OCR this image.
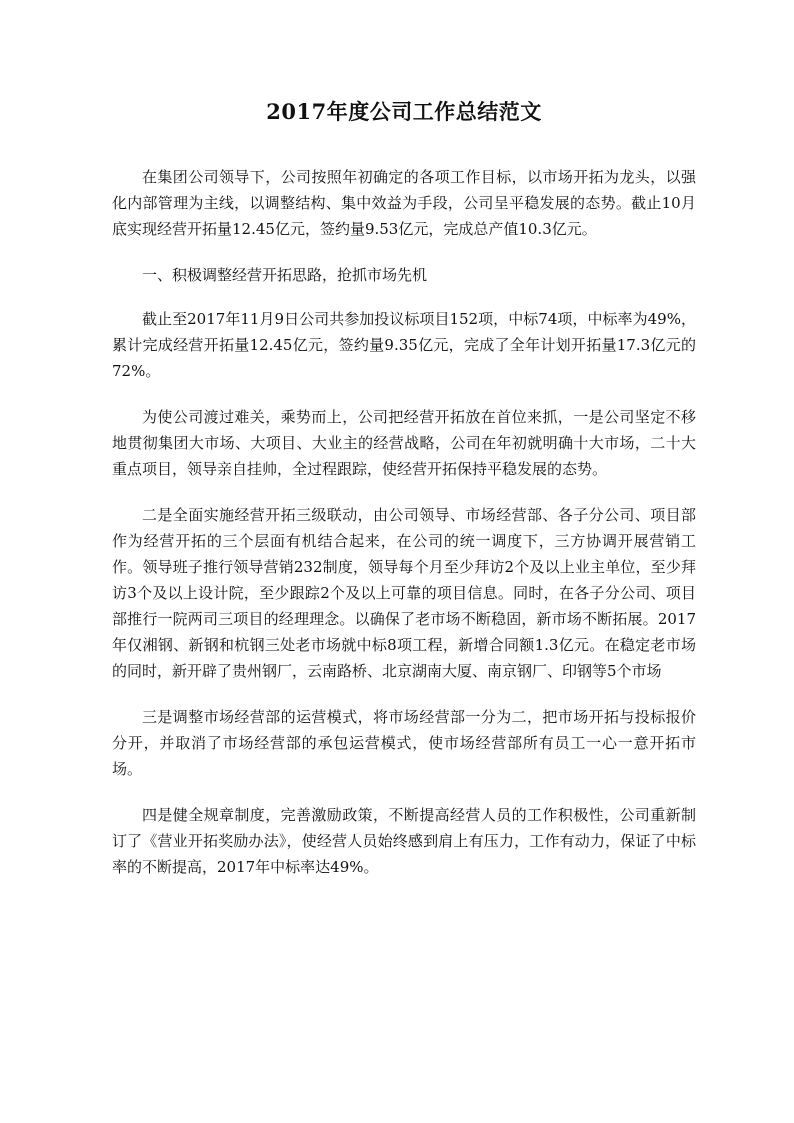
2017年度公司工作总结范文

在集团公司领导下，公司按照年初确定的各项工作目标，以市场开拓为龙头，以强化内部管理为主线，以调整结构、集中效益为手段，公司呈平稳发展的态势。截止10月底实现经营开拓量12.45亿元，签约量9.53亿元，完成总产值10.3亿元。

一、积极调整经营开拓思路，抢抓市场先机

截止至2017年11月9日公司共参加投议标项目152项，中标74项，中标率为49%，累计完成经营开拓量12.45亿元，签约量9.35亿元，完成了全年计划开拓量17.3亿元的72%。

为使公司渡过难关，乘势而上，公司把经营开拓放在首位来抓，一是公司坚定不移地贯彻集团大市场、大项目、大业主的经营战略，公司在年初就明确十大市场，二十大重点项目，领导亲自挂帅，全过程跟踪，使经营开拓保持平稳发展的态势。

二是全面实施经营开拓三级联动，由公司领导、市场经营部、各子分公司、项目部作为经营开拓的三个层面有机结合起来，在公司的统一调度下，三方协调开展营销工作。领导班子推行领导营销232制度，领导每个月至少拜访2个及以上业主单位，至少拜访3个及以上设计院，至少跟踪2个及以上可靠的项目信息。同时，在各子分公司、项目部推行一院两司三项目的经理理念。以确保了老市场不断稳固，新市场不断拓展。2017年仅湘钢、新钢和杭钢三处老市场就中标8项工程，新增合同额1.3亿元。在稳定老市场的同时，新开辟了贵州钢厂，云南路桥、北京湖南大厦、南京钢厂、印钢等5个市场

三是调整市场经营部的运营模式，将市场经营部一分为二，把市场开拓与投标报价分开，并取消了市场经营部的承包运营模式，使市场经营部所有员工一心一意开拓市场。

四是健全规章制度，完善激励政策，不断提高经营人员的工作积极性，公司重新制订了《营业开拓奖励办法》，使经营人员始终感到肩上有压力，工作有动力，保证了中标率的不断提高，2017年中标率达49%。
